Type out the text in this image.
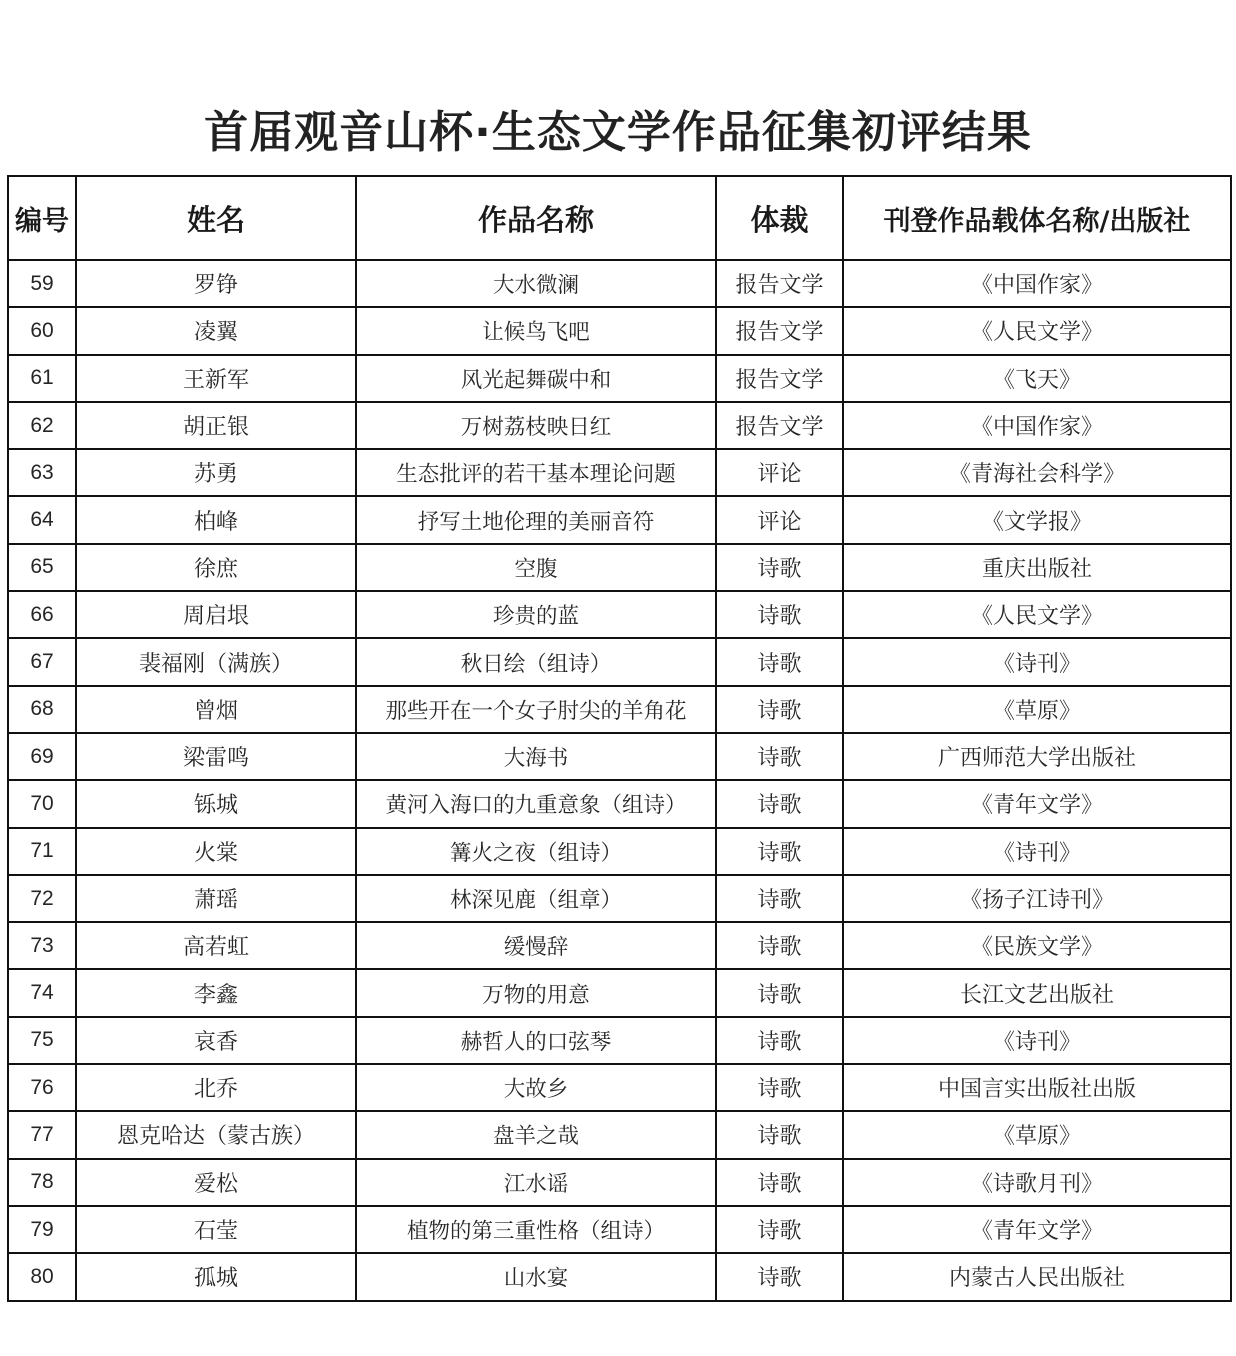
首届观音山杯·生态文学作品征集初评结果
编号	姓名	作品名称	体裁	刊登作品载体名称/出版社
59	罗铮	大水微澜	报告文学	《中国作家》
60	凌翼	让候鸟飞吧	报告文学	《人民文学》
61	王新军	风光起舞碳中和	报告文学	《飞天》
62	胡正银	万树荔枝映日红	报告文学	《中国作家》
63	苏勇	生态批评的若干基本理论问题	评论	《青海社会科学》
64	柏峰	抒写土地伦理的美丽音符	评论	《文学报》
65	徐庶	空腹	诗歌	重庆出版社
66	周启垠	珍贵的蓝	诗歌	《人民文学》
67	裴福刚（满族）	秋日绘（组诗）	诗歌	《诗刊》
68	曾烟	那些开在一个女子肘尖的羊角花	诗歌	《草原》
69	梁雷鸣	大海书	诗歌	广西师范大学出版社
70	铄城	黄河入海口的九重意象（组诗）	诗歌	《青年文学》
71	火棠	篝火之夜（组诗）	诗歌	《诗刊》
72	萧瑶	林深见鹿（组章）	诗歌	《扬子江诗刊》
73	高若虹	缓慢辞	诗歌	《民族文学》
74	李鑫	万物的用意	诗歌	长江文艺出版社
75	哀香	赫哲人的口弦琴	诗歌	《诗刊》
76	北乔	大故乡	诗歌	中国言实出版社出版
77	恩克哈达（蒙古族）	盘羊之哉	诗歌	《草原》
78	爱松	江水谣	诗歌	《诗歌月刊》
79	石莹	植物的第三重性格（组诗）	诗歌	《青年文学》
80	孤城	山水宴	诗歌	内蒙古人民出版社
